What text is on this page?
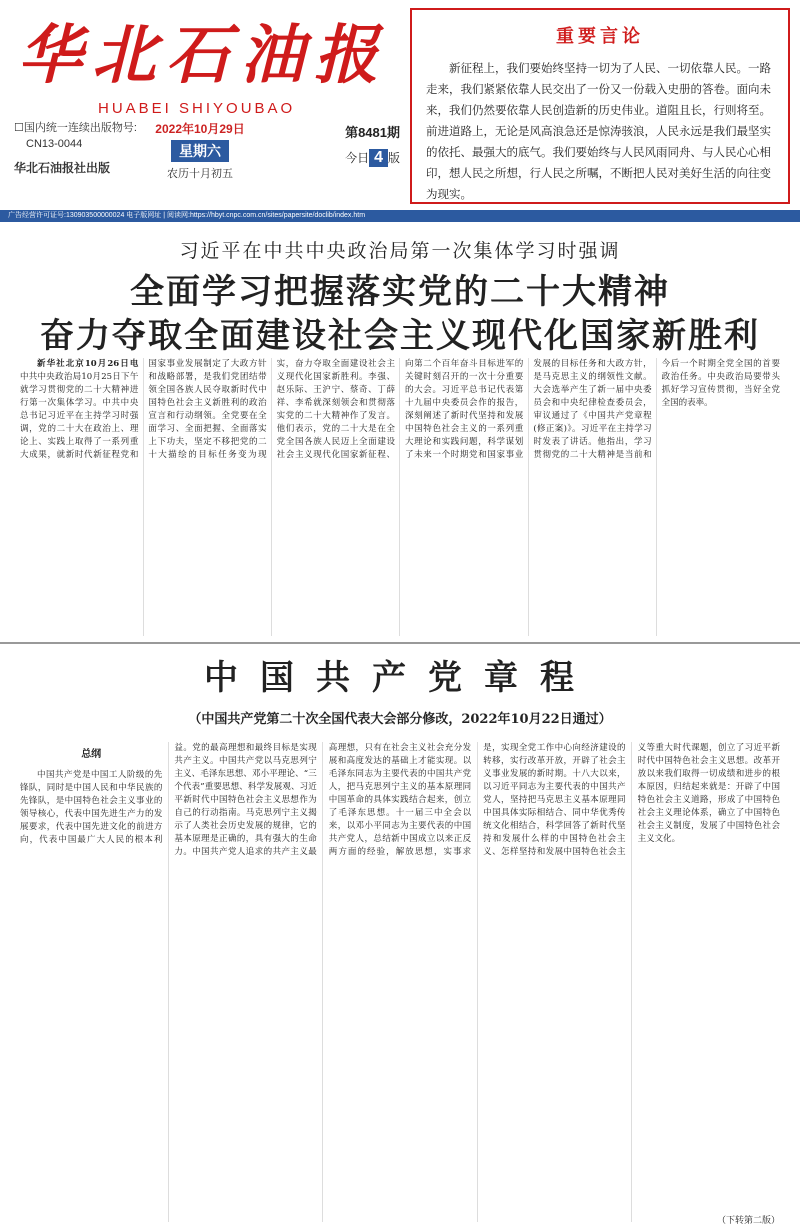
华北石油报
HUABEI SHIYOUBAO
☐国内统一连续出版物号:
CN13-0044
华北石油报社出版
2022年10月29日
星期六
农历十月初五
第8481期
今日 4 版
重要言论
新征程上，我们要始终坚持一切为了人民、一切依靠人民。一路走来，我们紧紧依靠人民交出了一份又一份载入史册的答卷。面向未来，我们仍然要依靠人民创造新的历史伟业。道阻且长，行则将至。前进道路上，无论是风高浪急还是惊涛骇浪，人民永远是我们最坚实的依托、最强大的底气。我们要始终与人民风雨同舟、与人民心心相印，想人民之所想，行人民之所嘱，不断把人民对美好生活的向往变为现实。
广告经营许可证号:130903500000024 电子版网址 | 阅读网:https://hbyt.cnpc.com.cn/sites/papersite/doclib/index.htm
习近平在中共中央政治局第一次集体学习时强调
全面学习把握落实党的二十大精神
奋力夺取全面建设社会主义现代化国家新胜利

新华社北京10月26日电 中共中央政治局10月25日下午就学习贯彻党的二十大精神进行第一次集体学习。中共中央总书记习近平在主持学习时强调，党的二十大在政治上、理论上、实践上取得了一系列重大成果，就新时代新征程党和国家事业发展制定了大政方针和战略部署，是我们党团结带领全国各族人民夺取新时代中国特色社会主义新胜利的政治宣言和行动纲领。全党要在全面学习、全面把握、全面落实上下功夫，坚定不移把党的二十大描绘的目标任务变为现实，奋力夺取全面建设社会主义现代化国家新胜利。李强、赵乐际、王沪宁、蔡奇、丁薛祥、李希就深刻领会和贯彻落实党的二十大精神作了发言。他们表示，党的二十大是在全党全国各族人民迈上全面建设社会主义现代化国家新征程、向第二个百年奋斗目标进军的关键时刻召开的一次十分重要的大会。习近平总书记代表第十九届中央委员会作的报告，深刻阐述了新时代坚持和发展中国特色社会主义的一系列重大理论和实践问题，科学谋划了未来一个时期党和国家事业发展的目标任务和大政方针，是马克思主义的纲领性文献。大会选举产生了新一届中央委员会和中央纪律检查委员会，审议通过了《中国共产党章程(修正案)》。习近平在主持学习时发表了讲话。他指出，学习贯彻党的二十大精神是当前和今后一个时期全党全国的首要政治任务。中央政治局要带头抓好学习宣传贯彻，当好全党全国的表率。

中国共产党章程
（中国共产党第二十次全国代表大会部分修改，2022年10月22日通过）
总纲

中国共产党是中国工人阶级的先锋队，同时是中国人民和中华民族的先锋队，是中国特色社会主义事业的领导核心，代表中国先进生产力的发展要求，代表中国先进文化的前进方向，代表中国最广大人民的根本利益。党的最高理想和最终目标是实现共产主义。中国共产党以马克思列宁主义、毛泽东思想、邓小平理论、“三个代表”重要思想、科学发展观、习近平新时代中国特色社会主义思想作为自己的行动指南。马克思列宁主义揭示了人类社会历史发展的规律，它的基本原理是正确的，具有强大的生命力。中国共产党人追求的共产主义最高理想，只有在社会主义社会充分发展和高度发达的基础上才能实现。以毛泽东同志为主要代表的中国共产党人，把马克思列宁主义的基本原理同中国革命的具体实践结合起来，创立了毛泽东思想。十一届三中全会以来，以邓小平同志为主要代表的中国共产党人，总结新中国成立以来正反两方面的经验，解放思想，实事求是，实现全党工作中心向经济建设的转移，实行改革开放，开辟了社会主义事业发展的新时期。十八大以来，以习近平同志为主要代表的中国共产党人，坚持把马克思主义基本原理同中国具体实际相结合、同中华优秀传统文化相结合，科学回答了新时代坚持和发展什么样的中国特色社会主义、怎样坚持和发展中国特色社会主义等重大时代课题，创立了习近平新时代中国特色社会主义思想。改革开放以来我们取得一切成绩和进步的根本原因，归结起来就是：开辟了中国特色社会主义道路，形成了中国特色社会主义理论体系，确立了中国特色社会主义制度，发展了中国特色社会主义文化。

（下转第二版）
